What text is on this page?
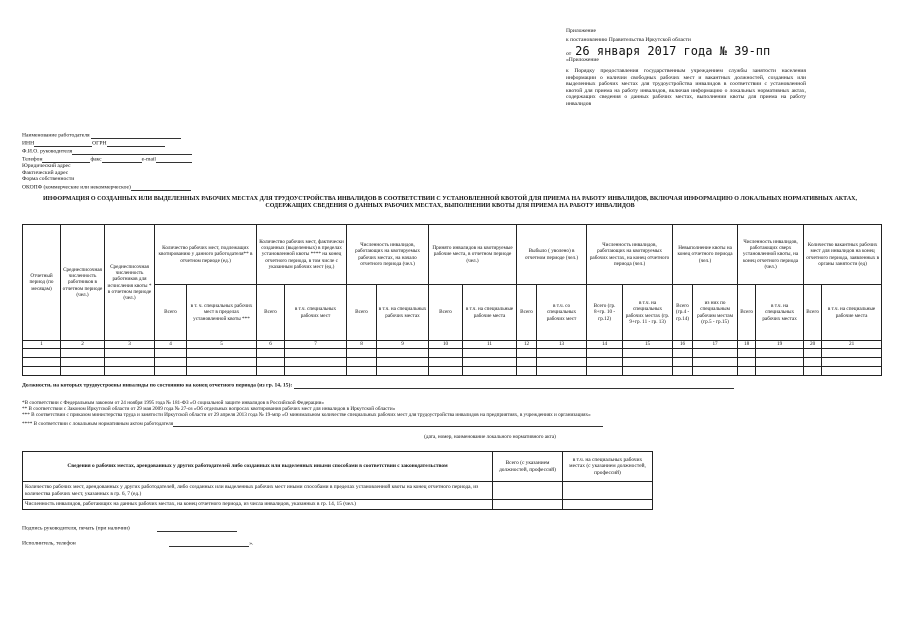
Приложение
к постановлению Правительства Иркутской области
от 26 января 2017 года № 39-пп
«Приложение
к Порядку предоставления государственным учреждением службы занятости населения информации о наличии свободных рабочих мест и вакантных должностей, созданных или выделенных рабочих местах для трудоустройства инвалидов в соответствии с установленной квотой для приема на работу инвалидов, включая информацию о локальных нормативных актах, содержащих сведения о данных рабочих местах, выполнении квоты для приема на работу инвалидов
Наименование работодателя
ИНН	ОГРН
Ф.И.О. руководителя
Телефон	факс	e-mail
Юридический адрес
Фактический адрес
Форма собственности
ОКОПФ (коммерческие или некоммерческое)
ИНФОРМАЦИЯ О СОЗДАННЫХ ИЛИ ВЫДЕЛЕННЫХ РАБОЧИХ МЕСТАХ ДЛЯ ТРУДОУСТРОЙСТВА ИНВАЛИДОВ В СООТВЕТСТВИИ С УСТАНОВЛЕННОЙ КВОТОЙ ДЛЯ ПРИЕМА НА РАБОТУ ИНВАЛИДОВ, ВКЛЮЧАЯ ИНФОРМАЦИЮ О ЛОКАЛЬНЫХ НОРМАТИВНЫХ АКТАХ, СОДЕРЖАЩИХ СВЕДЕНИЯ О ДАННЫХ РАБОЧИХ МЕСТАХ, ВЫПОЛНЕНИИ КВОТЫ ДЛЯ ПРИЕМА НА РАБОТУ ИНВАЛИДОВ
Отчетный период (по месяцам)	Среднесписочная численность работников в отчетном периоде (чел.)	Среднесписочная численность работников для исчисления квоты * в отчетном периоде (чел.)	Количество рабочих мест, подлежащих квотированию у данного работодателя** в отчетном периоде (ед.)		Количество рабочих мест, фактически созданных (выделенных) в пределах установленной квоты **** на конец отчетного периода, в том числе с указанным рабочих мест (ед.)		Численность инвалидов, работающих на квотируемых рабочих местах, на начало отчетного периода (чел.)		Принято инвалидов на квотируемые рабочие места, в отчетном периоде (чел.)		Выбыло ( уволено) в отчетном периоде (чел.)		Численность инвалидов, работающих на квотируемых рабочих местах, на конец отчетного периода (чел.)		Невыполнение квоты на конец отчетного периода (чел.)		Численность инвалидов, работающих сверх установленной квоты, на конец отчетного периода (чел.)		Количество вакантных рабочих мест для инвалидов на конец отчетного периода, заявленных в органы занятости (ед)	
			Всего	в т. ч. специальных рабочих мест в пределах установленной квоты ***	Всего	в т.ч. специальных рабочих мест	Всего	в т.ч. на специальных рабочих местах	Всего	в т.ч. на специальные рабочие места	Всего	в т.ч. со специальных рабочих мест	Всего (гр. 8+гр. 10 - гр.12)	в т.ч. на специальных рабочих местах (гр. 9+гр. 11 - гр. 13)	Всего (гр.4 - гр.14)	из них по специальным рабочим местам (гр.5 - гр.15)	Всего	в т.ч. на специальных рабочих местах	Всего	в т.ч. на специальные рабочие места
1	2	3	4	5	6	7	8	9	10	11	12	13	14	15	16	17	18	19	20	21

Должности, на которых трудоустроены инвалиды по состоянию на конец отчетного периода (из гр. 14, 15):
*В соответствии с Федеральным законом от 24 ноября 1995 года № 181-ФЗ «О социальной защите инвалидов в Российской Федерации»
** В соответствии с Законом Иркутской области от 29 мая 2009 года № 27-оз «Об отдельных вопросах квотирования рабочих мест для инвалидов в Иркутской области»
*** В соответствии с приказом министерства труда и занятости Иркутской области от 29 апреля 2013 года № 19-мпр «О минимальном количестве специальных рабочих мест для трудоустройства инвалидов на предприятиях, в учреждениях и организациях»
**** В соответствии с локальным нормативным актом работодателя
(дата, номер, наименование локального нормативного акта)
Сведения о рабочих местах, арендованных у других работодателей либо созданных или выделенных иными способами в соответствии с законодательством	Всего (с указанием должностей, профессий)	в т.ч. на специальных рабочих местах (с указанием должностей, профессий)
Количество рабочих мест, арендованных у других работодателей, либо созданных или выделенных рабочих мест иными способами в пределах установленной квоты на конец отчетного периода, из количества рабочих мест, указанных в гр. 6, 7 (ед.)		
Численность инвалидов, работающих на данных рабочих местах, на конец отчетного периода, из числа инвалидов, указанных в гр. 14, 15 (чел.)		
Подпись руководителя, печать (при наличии)
Исполнитель, телефон	».
